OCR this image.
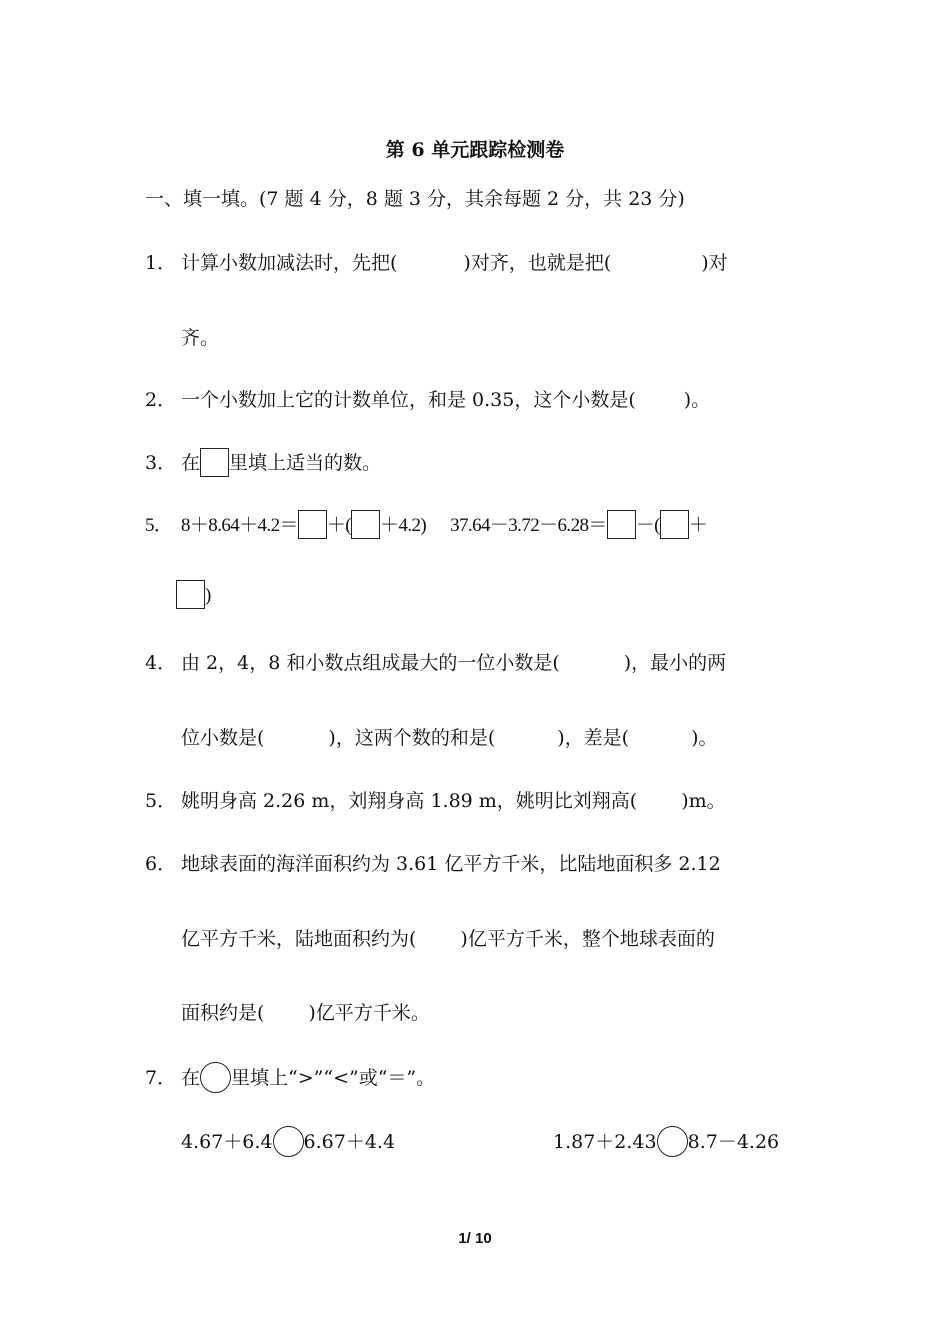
第 6 单元跟踪检测卷
一、填一填。(7 题 4 分，8 题 3 分，其余每题 2 分，共 23 分)
1． 计算小数加减法时，先把(	)对齐，也就是把(	)对
齐。
2． 一个小数加上它的计数单位，和是 0.35，这个小数是(	)。
3． 在 里填上适当的数。
5． 8＋8.64＋4.2＝ ＋( ＋4.2) 37.64－3.72－6.28＝ －( ＋
)
4． 由 2，4，8 和小数点组成最大的一位小数是(	)，最小的两
位小数是(	)，这两个数的和是(	)，差是(	)。
5． 姚明身高 2.26 m，刘翔身高 1.89 m，姚明比刘翔高( )m。
6． 地球表面的海洋面积约为 3.61 亿平方千米，比陆地面积多 2.12
亿平方千米，陆地面积约为( )亿平方千米，整个地球表面的
面积约是( )亿平方千米。
7． 在 里填上“>”“<”或“＝”。
4.67＋6.4 6.67＋4.4	1.87＋2.43 8.7－4.26
1/ 10
